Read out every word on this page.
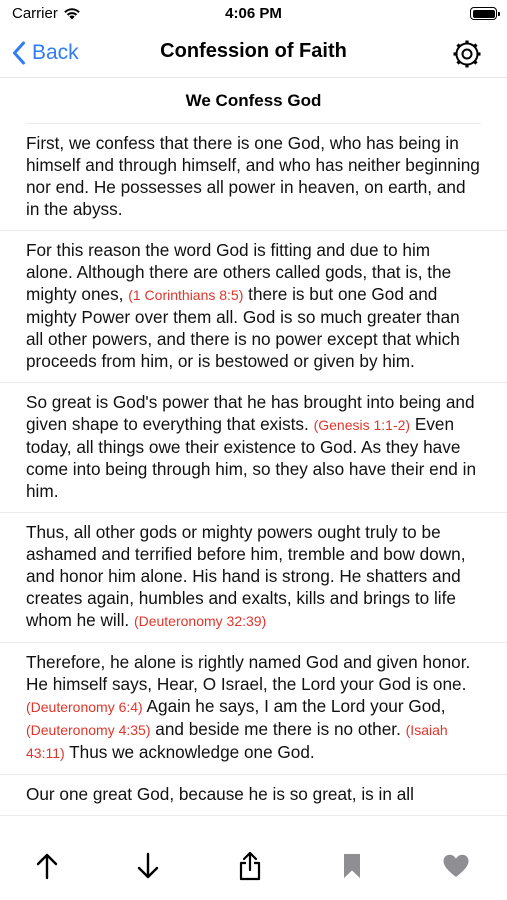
Carrier	4:06 PM
Back	Confession of Faith
We Confess God
First, we confess that there is one God, who has being in himself and through himself, and who has neither beginning nor end. He possesses all power in heaven, on earth, and in the abyss.
For this reason the word God is fitting and due to him alone. Although there are others called gods, that is, the mighty ones, (1 Corinthians 8:5) there is but one God and mighty Power over them all. God is so much greater than all other powers, and there is no power except that which proceeds from him, or is bestowed or given by him.
So great is God's power that he has brought into being and given shape to everything that exists. (Genesis 1:1-2) Even today, all things owe their existence to God. As they have come into being through him, so they also have their end in him.
Thus, all other gods or mighty powers ought truly to be ashamed and terrified before him, tremble and bow down, and honor him alone. His hand is strong. He shatters and creates again, humbles and exalts, kills and brings to life whom he will. (Deuteronomy 32:39)
Therefore, he alone is rightly named God and given honor. He himself says, Hear, O Israel, the Lord your God is one. (Deuteronomy 6:4) Again he says, I am the Lord your God, (Deuteronomy 4:35) and beside me there is no other. (Isaiah 43:11) Thus we acknowledge one God.
Our one great God, because he is so great, is in all
